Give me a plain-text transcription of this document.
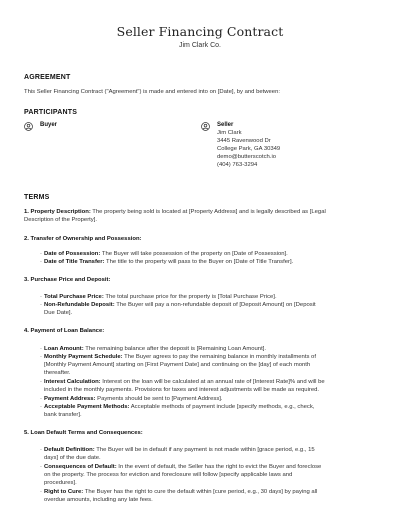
Seller Financing Contract
Jim Clark Co.
AGREEMENT
This Seller Financing Contract ("Agreement") is made and entered into on [Date], by and between:
PARTICIPANTS
Buyer	Seller
Jim Clark
3445 Ravenwood Dr
College Park, GA 30349
demo@butterscotch.io
(404) 763-3294
TERMS
1. Property Description: The property being sold is located at [Property Address] and is legally described as [Legal
Description of the Property].
2. Transfer of Ownership and Possession:
· Date of Possession: The Buyer will take possession of the property on [Date of Possession].
· Date of Title Transfer: The title to the property will pass to the Buyer on [Date of Title Transfer].
3. Purchase Price and Deposit:
· Total Purchase Price: The total purchase price for the property is [Total Purchase Price].
· Non-Refundable Deposit: The Buyer will pay a non-refundable deposit of [Deposit Amount] on [Deposit
Due Date].
4. Payment of Loan Balance:
· Loan Amount: The remaining balance after the deposit is [Remaining Loan Amount].
· Monthly Payment Schedule: The Buyer agrees to pay the remaining balance in monthly installments of
[Monthly Payment Amount] starting on [First Payment Date] and continuing on the [day] of each month
thereafter.
· Interest Calculation: Interest on the loan will be calculated at an annual rate of [Interest Rate]% and will be
included in the monthly payments. Provisions for taxes and interest adjustments will be made as required.
· Payment Address: Payments should be sent to [Payment Address].
· Acceptable Payment Methods: Acceptable methods of payment include [specify methods, e.g., check,
bank transfer].
5. Loan Default Terms and Consequences:
· Default Definition: The Buyer will be in default if any payment is not made within [grace period, e.g., 15
days] of the due date.
· Consequences of Default: In the event of default, the Seller has the right to evict the Buyer and foreclose
on the property. The process for eviction and foreclosure will follow [specify applicable laws and
procedures].
· Right to Cure: The Buyer has the right to cure the default within [cure period, e.g., 30 days] by paying all
overdue amounts, including any late fees.
